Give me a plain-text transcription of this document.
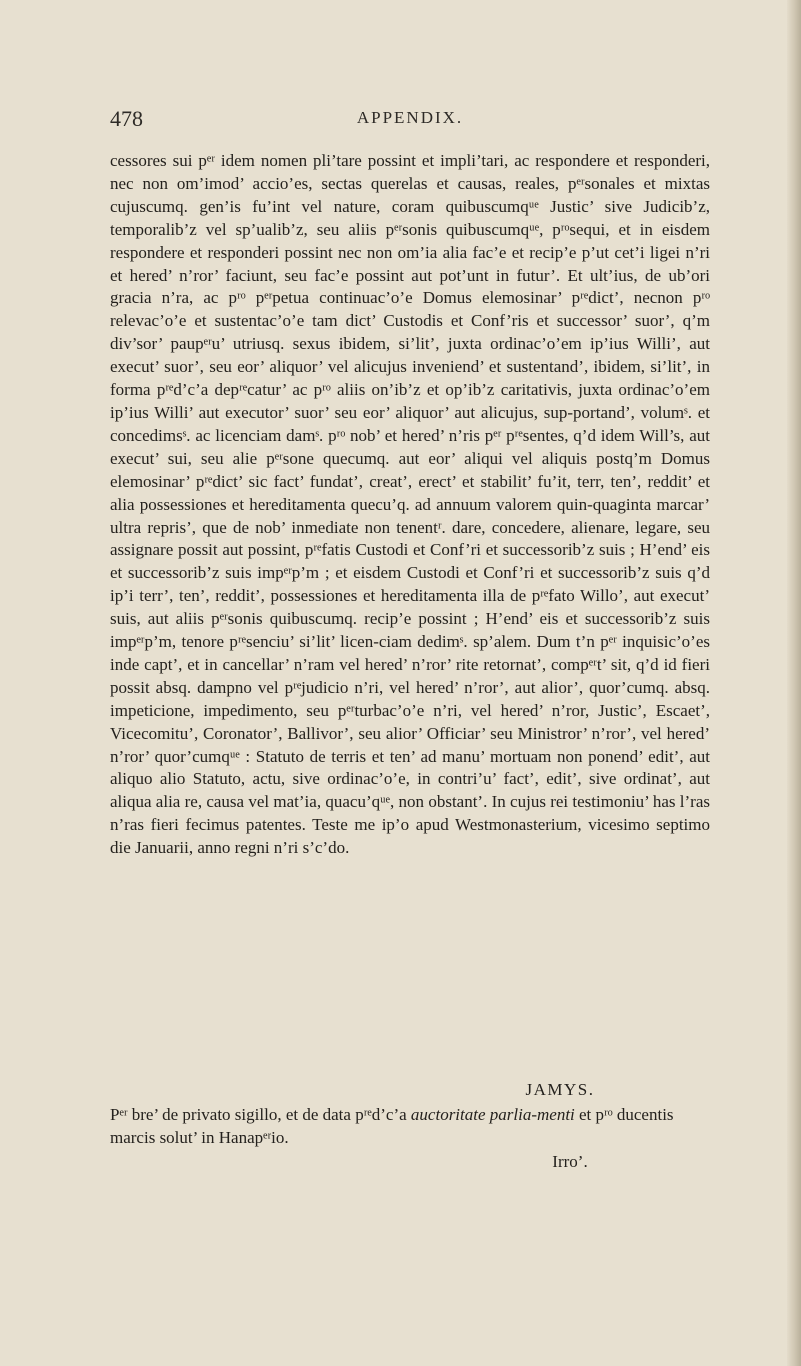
478	APPENDIX.

cessores sui pᵉʳ idem nomen pli’tare possint et impli’tari, ac respondere et responderi, nec non om’imod’ accio’es, sectas querelas et causas, reales, pᵉʳsonales et mixtas cujuscumq. gen’is fu’int vel nature, coram quibuscumqᵘᵉ Justic’ sive Judicib’z, temporalib’z vel sp’ualib’z, seu aliis pᵉʳsonis quibuscumqᵘᵉ, pʳᵒsequi, et in eisdem respondere et responderi possint nec non om’ia alia fac’e et recip’e p’ut cet’i ligei n’ri et hered’ n’ror’ faciunt, seu fac’e possint aut pot’unt in futur’. Et ult’ius, de ub’ori gracia n’ra, ac pʳᵒ pᵉʳpetua continuac’o’e Domus elemosinar’ pʳᵉdict’, necnon pʳᵒ relevac’o’e et sustentac’o’e tam dict’ Custodis et Conf’ris et successor’ suor’, q’m div’sor’ paupᵉʳu’ utriusq. sexus ibidem, si’lit’, juxta ordinac’o’em ip’ius Willi’, aut execut’ suor’, seu eor’ aliquor’ vel alicujus inveniend’ et sustentand’, ibidem, si’lit’, in forma pʳᵉd’c’a depʳᵉcatur’ ac pʳᵒ aliis on’ib’z et op’ib’z caritativis, juxta ordinac’o’em ip’ius Willi’ aut executor’ suor’ seu eor’ aliquor’ aut alicujus, sup-portand’, volumˢ. et concedimsˢ. ac licenciam damˢ. pʳᵒ nob’ et hered’ n’ris pᵉʳ pʳᵉsentes, q’d idem Will’s, aut execut’ sui, seu alie pᵉʳsone quecumq. aut eor’ aliqui vel aliquis postq’m Domus elemosinar’ pʳᵉdict’ sic fact’ fundat’, creat’, erect’ et stabilit’ fu’it, terr, ten’, reddit’ et alia possessiones et hereditamenta quecu’q. ad annuum valorem quin-quaginta marcar’ ultra repris’, que de nob’ inmediate non tenentʳ. dare, concedere, alienare, legare, seu assignare possit aut possint, pʳᵉfatis Custodi et Conf’ri et successorib’z suis ; H’end’ eis et successorib’z suis impᵉʳp’m ; et eisdem Custodi et Conf’ri et successorib’z suis q’d ip’i terr’, ten’, reddit’, possessiones et hereditamenta illa de pʳᵉfato Willo’, aut execut’ suis, aut aliis pᵉʳsonis quibuscumq. recip’e possint ; H’end’ eis et successorib’z suis impᵉʳp’m, tenore pʳᵉsenciu’ si’lit’ licen-ciam dedimˢ. sp’alem. Dum t’n pᵉʳ inquisic’o’es inde capt’, et in cancellar’ n’ram vel hered’ n’ror’ rite retornat’, compᵉʳt’ sit, q’d id fieri possit absq. dampno vel pʳᵉjudicio n’ri, vel hered’ n’ror’, aut alior’, quor’cumq. absq. impeticione, impedimento, seu pᵉʳturbac’o’e n’ri, vel hered’ n’ror, Justic’, Escaet’, Vicecomitu’, Coronator’, Ballivor’, seu alior’ Officiar’ seu Ministror’ n’ror’, vel hered’ n’ror’ quor’cumqᵘᵉ : Statuto de terris et ten’ ad manu’ mortuam non ponend’ edit’, aut aliquo alio Statuto, actu, sive ordinac’o’e, in contri’u’ fact’, edit’, sive ordinat’, aut aliqua alia re, causa vel mat’ia, quacu’qᵘᵉ, non obstant’. In cujus rei testimoniu’ has l’ras n’ras fieri fecimus patentes. Teste me ip’o apud Westmonasterium, vicesimo septimo die Januarii, anno regni n’ri s’c’do.

JAMYS.

Pᵉʳ bre’ de privato sigillo, et de data pʳᵉd’c’a auctoritate parlia-menti et pʳᵒ ducentis marcis solut’ in Hanapᵉʳio.

Irro’.
